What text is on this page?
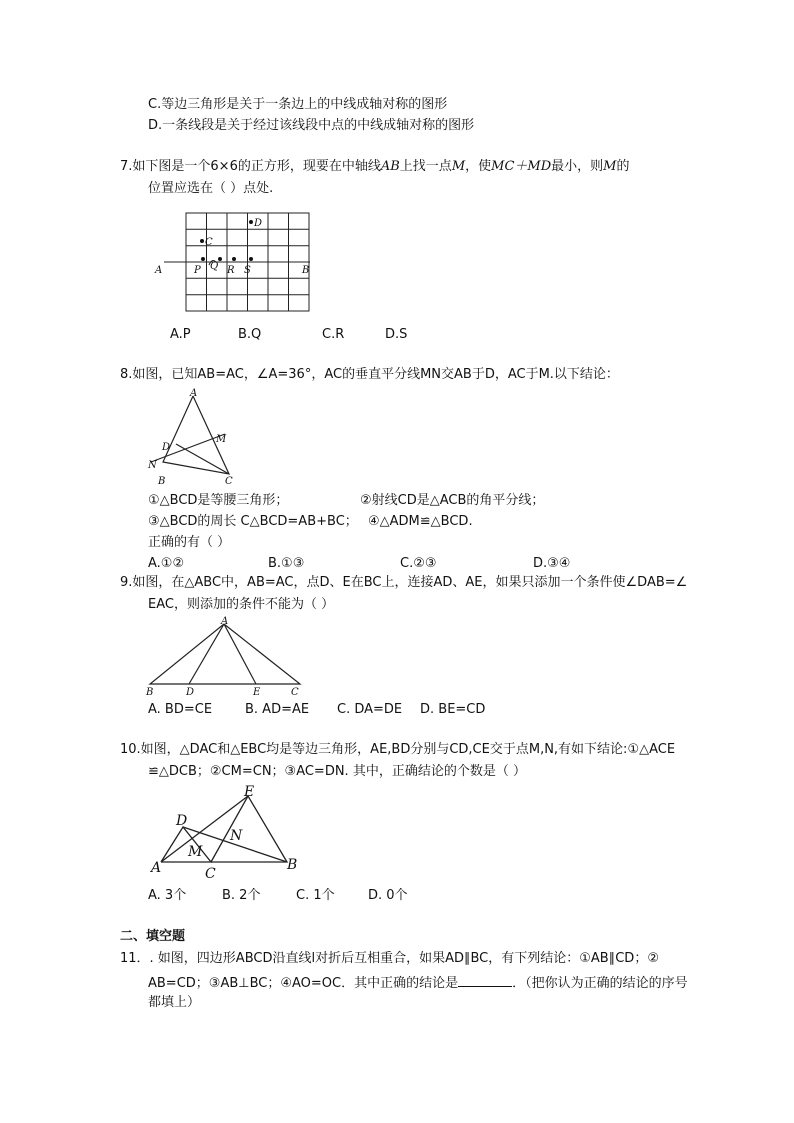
C.等边三角形是关于一条边上的中线成轴对称的图形
D.一条线段是关于经过该线段中点的中线成轴对称的图形
7.如下图是一个6×6的正方形，现要在中轴线AB上找一点M，使MC＋MD最小，则M的
位置应选在（ ）点处.
A	B
C
D
P Q R S
A.P	B.Q	C.R	D.S
8.如图，已知AB=AC，∠A=36°，AC的垂直平分线MN交AB于D，AC于M.以下结论：
A
M
D
N
B	C
①△BCD是等腰三角形；	②射线CD是△ACB的角平分线；
③△BCD的周长 C△BCD=AB+BC； ④△ADM≌△BCD.
正确的有（ ）
A.①②	B.①③	C.②③	D.③④
9.如图，在△ABC中，AB=AC，点D、E在BC上，连接AD、AE，如果只添加一个条件使∠DAB=∠
EAC，则添加的条件不能为（ ）
A
B	D	E	C
A. BD=CE	B. AD=AE C. DA=DE D. BE=CD
10.如图，△DAC和△EBC均是等边三角形，AE,BD分别与CD,CE交于点M,N,有如下结论:①△ACE
≌△DCB；②CM=CN；③AC=DN. 其中，正确结论的个数是（ ）
E
D
N
M
A	C
B
A. 3个	B. 2个	C. 1个	D. 0个
二、填空题
11．. 如图，四边形ABCD沿直线l对折后互相重合，如果AD∥BC，有下列结论：①AB∥CD；②
AB=CD；③AB⊥BC；④AO=OC．其中正确的结论是	．（把你认为正确的结论的序号
都填上）
